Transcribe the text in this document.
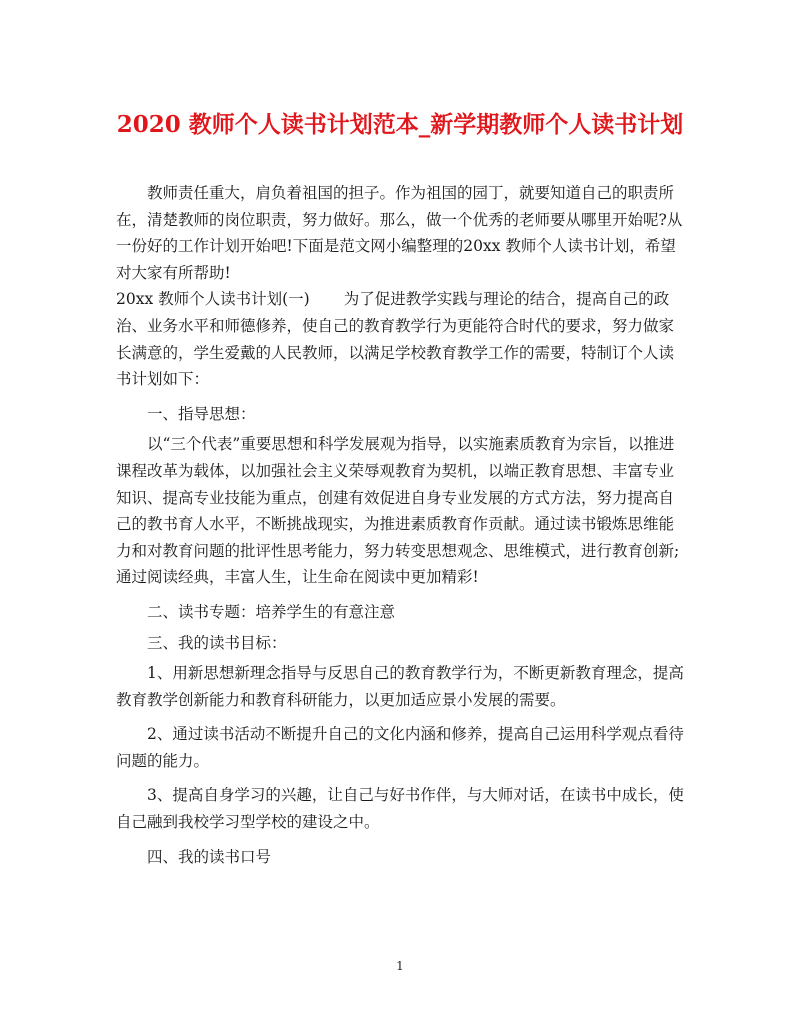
2020 教师个人读书计划范本_新学期教师个人读书计划

教师责任重大，肩负着祖国的担子。作为祖国的园丁，就要知道自己的职责所在，清楚教师的岗位职责，努力做好。那么，做一个优秀的老师要从哪里开始呢?从一份好的工作计划开始吧!下面是范文网小编整理的20xx 教师个人读书计划，希望对大家有所帮助!

20xx 教师个人读书计划(一) 为了促进教学实践与理论的结合，提高自己的政治、业务水平和师德修养，使自己的教育教学行为更能符合时代的要求，努力做家长满意的，学生爱戴的人民教师，以满足学校教育教学工作的需要，特制订个人读书计划如下：

一、指导思想：

以“三个代表”重要思想和科学发展观为指导，以实施素质教育为宗旨，以推进课程改革为载体，以加强社会主义荣辱观教育为契机，以端正教育思想、丰富专业知识、提高专业技能为重点，创建有效促进自身专业发展的方式方法，努力提高自己的教书育人水平，不断挑战现实，为推进素质教育作贡献。通过读书锻炼思维能力和对教育问题的批评性思考能力，努力转变思想观念、思维模式，进行教育创新;通过阅读经典，丰富人生，让生命在阅读中更加精彩!

二、读书专题：培养学生的有意注意

三、我的读书目标：

1、用新思想新理念指导与反思自己的教育教学行为，不断更新教育理念，提高教育教学创新能力和教育科研能力，以更加适应景小发展的需要。

2、通过读书活动不断提升自己的文化内涵和修养，提高自己运用科学观点看待问题的能力。

3、提高自身学习的兴趣，让自己与好书作伴，与大师对话，在读书中成长，使自己融到我校学习型学校的建设之中。

四、我的读书口号

1
